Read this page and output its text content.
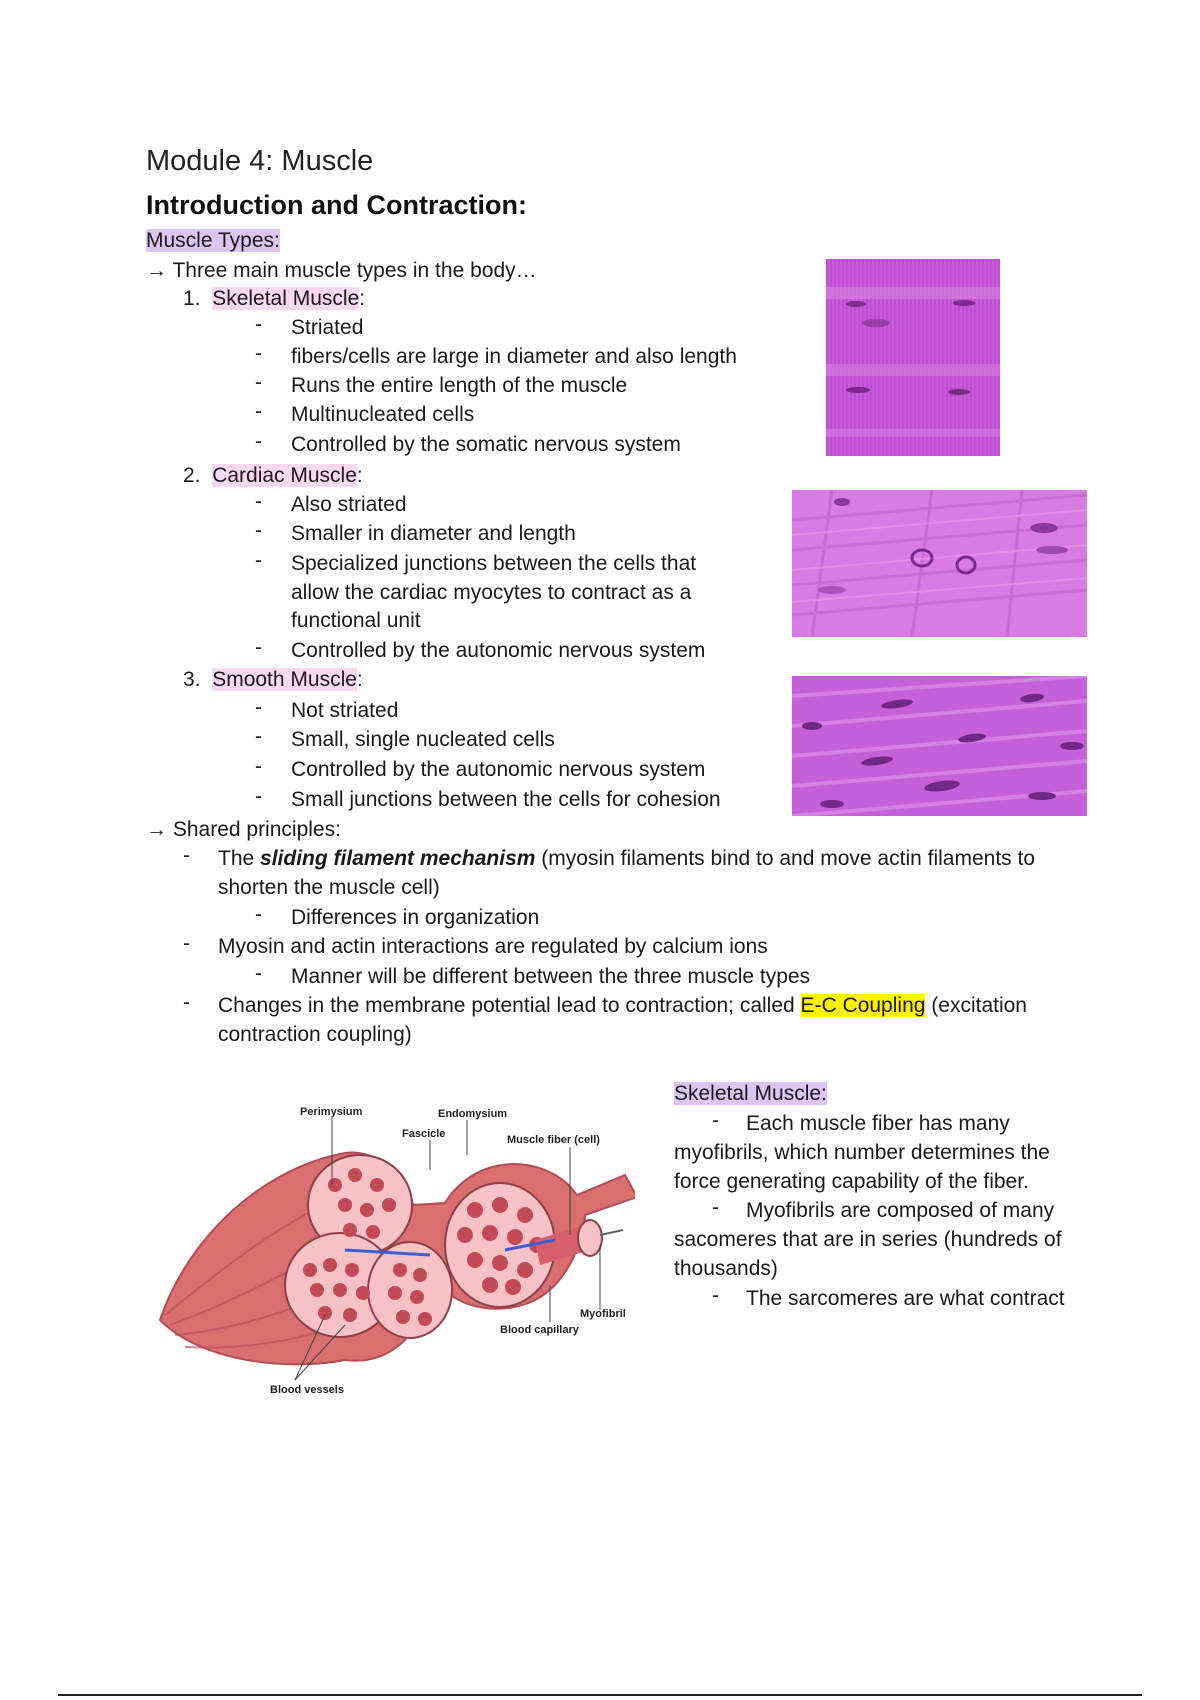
Module 4: Muscle
Introduction and Contraction:
Muscle Types:
→ Three main muscle types in the body…
1. Skeletal Muscle:
- Striated
- fibers/cells are large in diameter and also length
- Runs the entire length of the muscle
- Multinucleated cells
- Controlled by the somatic nervous system
2. Cardiac Muscle:
- Also striated
- Smaller in diameter and length
- Specialized junctions between the cells that
allow the cardiac myocytes to contract as a
functional unit
- Controlled by the autonomic nervous system
3. Smooth Muscle:
- Not striated
- Small, single nucleated cells
- Controlled by the autonomic nervous system
- Small junctions between the cells for cohesion
→ Shared principles:
- The sliding filament mechanism (myosin filaments bind to and move actin filaments to
shorten the muscle cell)
- Differences in organization
- Myosin and actin interactions are regulated by calcium ions
- Manner will be different between the three muscle types
- Changes in the membrane potential lead to contraction; called E-C Coupling (excitation
contraction coupling)
Perimysium	Endomysium
Fascicle	Muscle fiber (cell)
Myofibril
Blood capillary
Blood vessels
Skeletal Muscle:
- Each muscle fiber has many
myofibrils, which number determines the
force generating capability of the fiber.
- Myofibrils are composed of many
sacomeres that are in series (hundreds of
thousands)
- The sarcomeres are what contract
